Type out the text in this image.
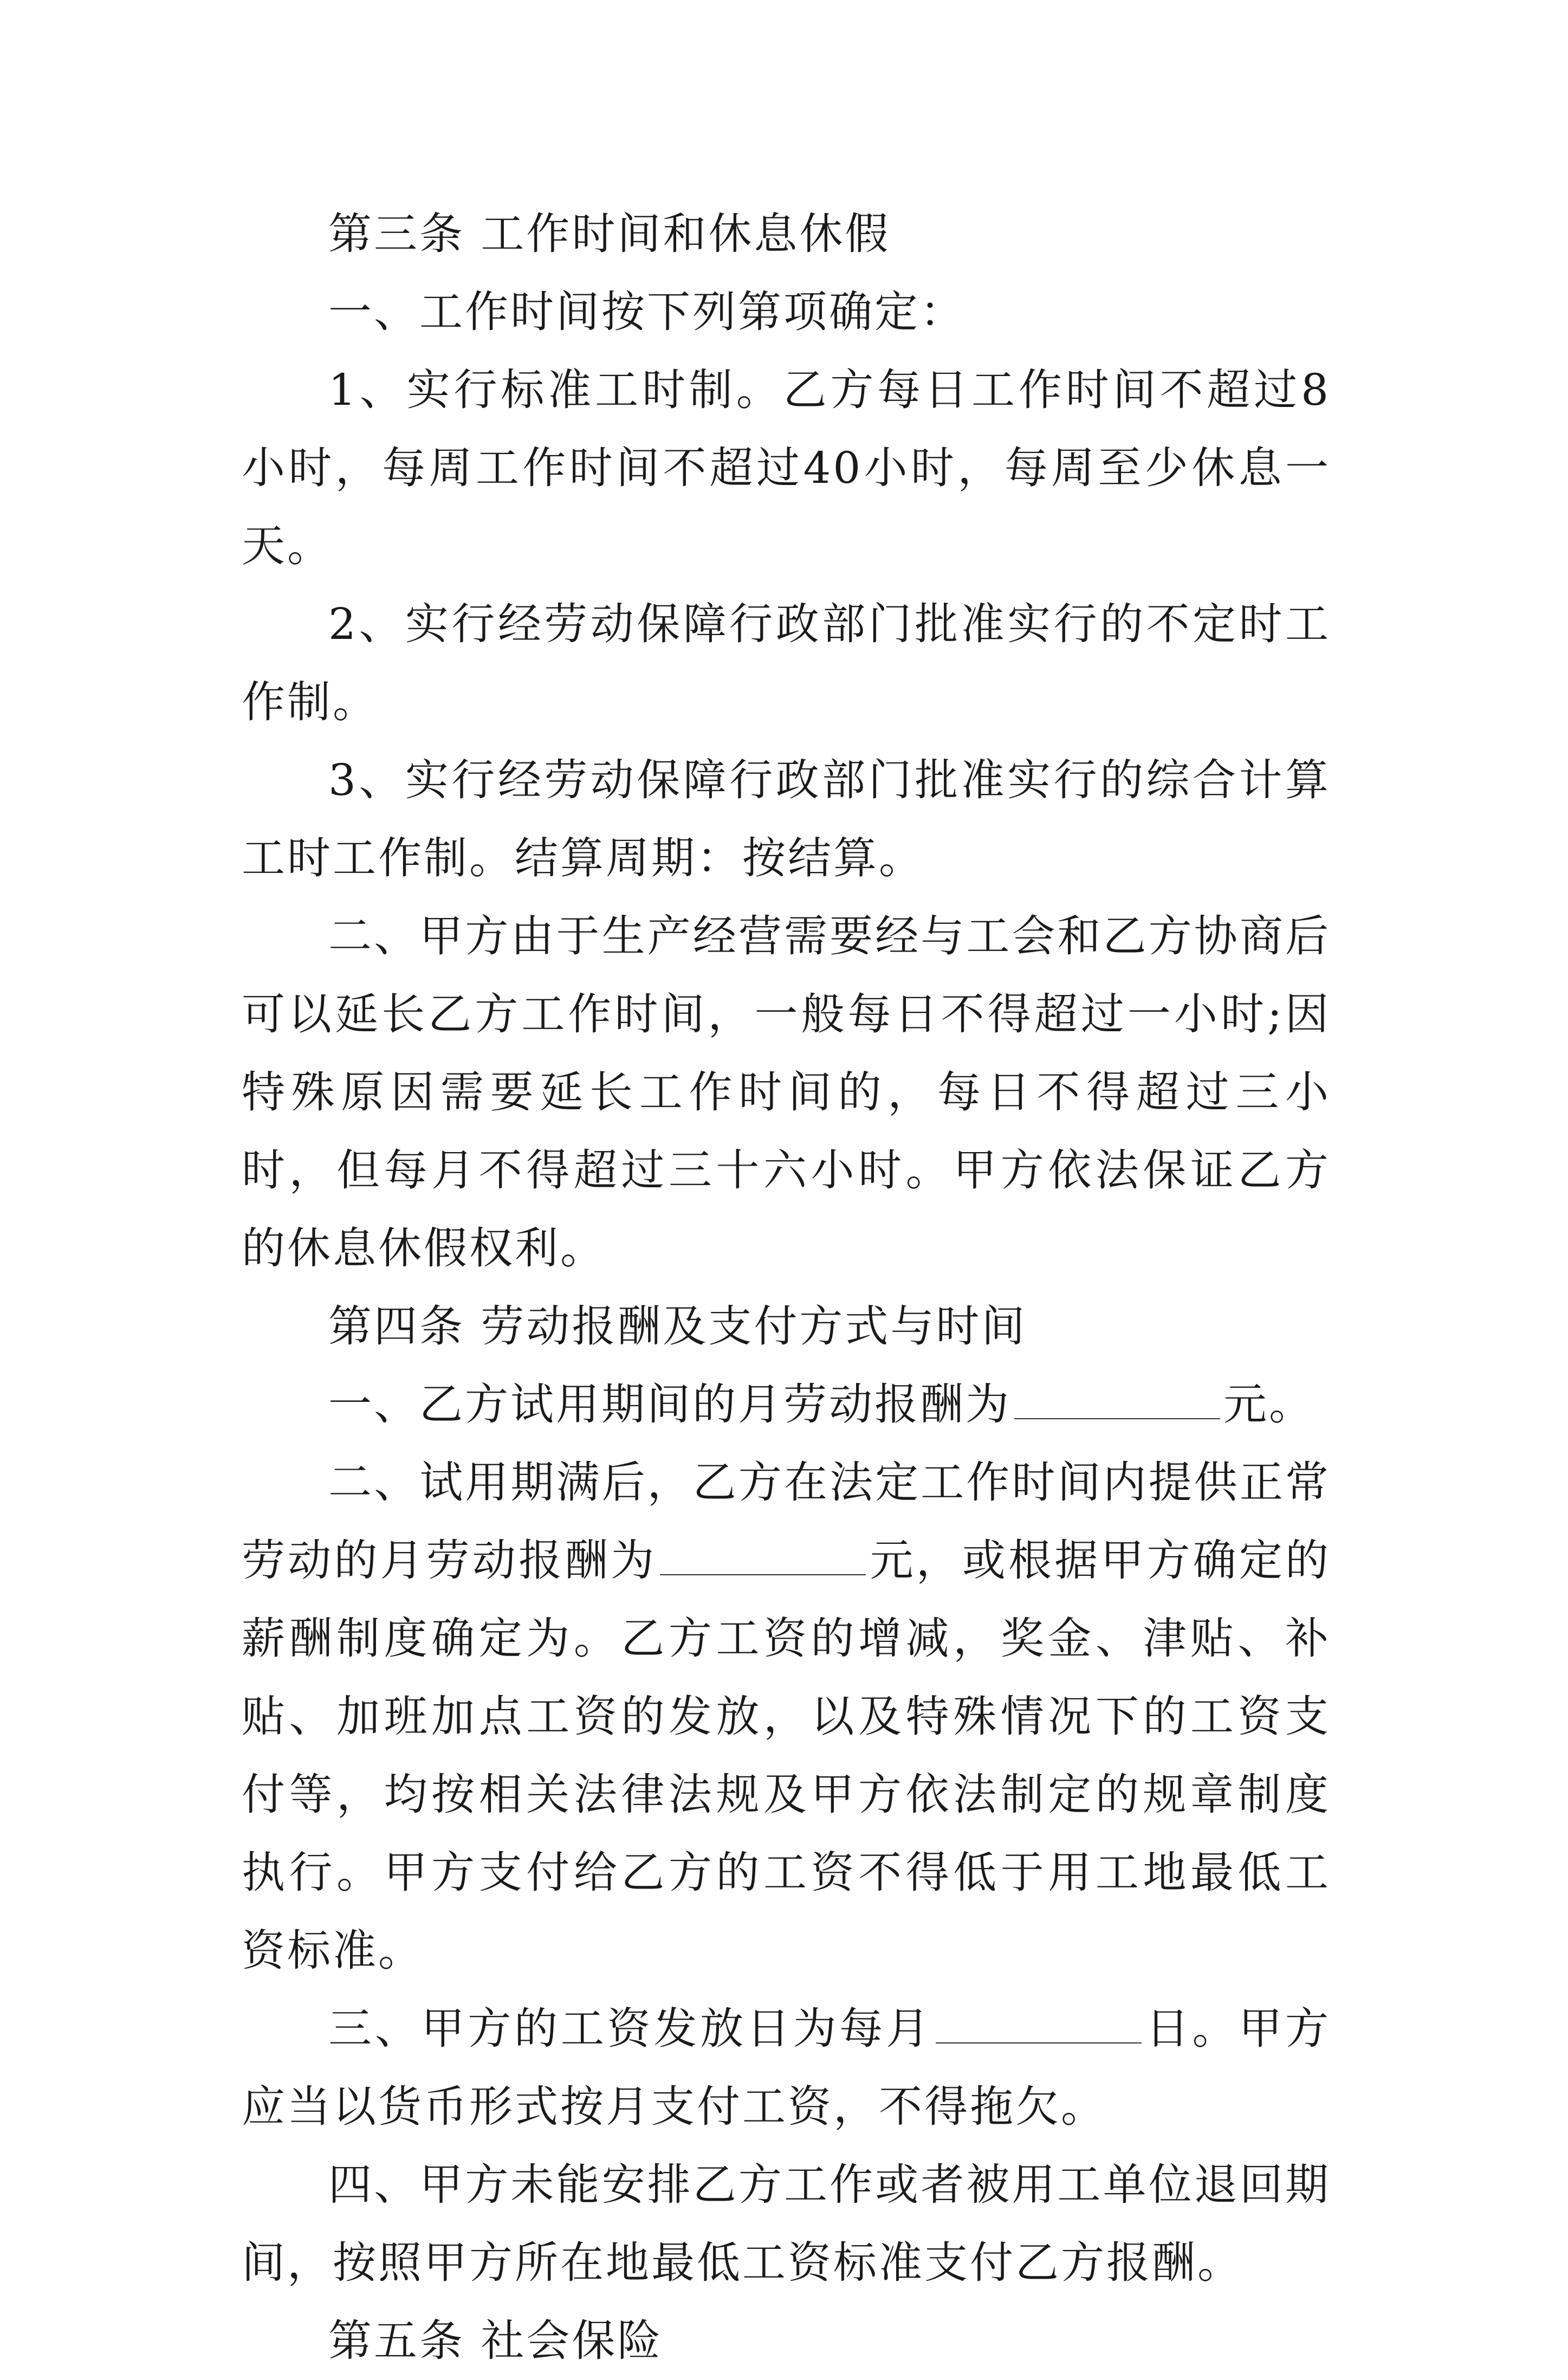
第三条 工作时间和休息休假

一、工作时间按下列第项确定：

1、实行标准工时制。乙方每日工作时间不超过8小时，每周工作时间不超过40小时，每周至少休息一天。

2、实行经劳动保障行政部门批准实行的不定时工作制。

3、实行经劳动保障行政部门批准实行的综合计算工时工作制。结算周期：按结算。

二、甲方由于生产经营需要经与工会和乙方协商后可以延长乙方工作时间，一般每日不得超过一小时;因特殊原因需要延长工作时间的，每日不得超过三小时，但每月不得超过三十六小时。甲方依法保证乙方的休息休假权利。

第四条 劳动报酬及支付方式与时间

一、乙方试用期间的月劳动报酬为	元。

二、试用期满后，乙方在法定工作时间内提供正常劳动的月劳动报酬为	元，或根据甲方确定的薪酬制度确定为。乙方工资的增减，奖金、津贴、补贴、加班加点工资的发放，以及特殊情况下的工资支付等，均按相关法律法规及甲方依法制定的规章制度执行。甲方支付给乙方的工资不得低于用工地最低工资标准。

三、甲方的工资发放日为每月	日。甲方应当以货币形式按月支付工资，不得拖欠。

四、甲方未能安排乙方工作或者被用工单位退回期间，按照甲方所在地最低工资标准支付乙方报酬。

第五条 社会保险
